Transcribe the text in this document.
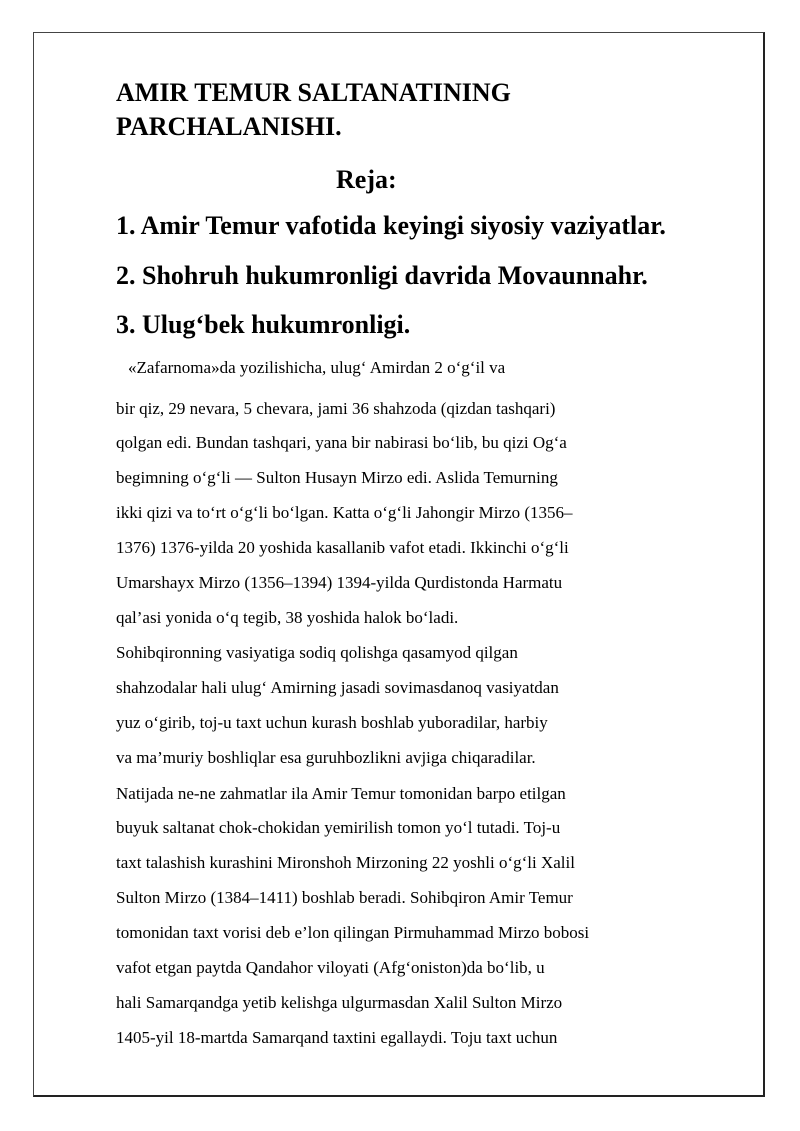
AMIR TEMUR SALTANATINING
PARCHALANISHI.
Reja:
1. Amir Temur vafotida keyingi siyosiy vaziyatlar.
2. Shohruh hukumronligi davrida Movaunnahr.
3. Ulug‘bek hukumronligi.

«Zafarnoma»da yozilishicha, ulug‘ Amirdan 2 o‘g‘il va

bir qiz, 29 nevara, 5 chevara, jami 36 shahzoda (qizdan tashqari)

qolgan edi. Bundan tashqari, yana bir nabirasi bo‘lib, bu qizi Og‘a

begimning o‘g‘li — Sulton Husayn Mirzo edi. Aslida Temurning

ikki qizi va to‘rt o‘g‘li bo‘lgan. Katta o‘g‘li Jahongir Mirzo (1356–

1376) 1376-yilda 20 yoshida kasallanib vafot etadi. Ikkinchi o‘g‘li

Umarshayx Mirzo (1356–1394) 1394-yilda Qurdistonda Harmatu

qal’asi yonida o‘q tegib, 38 yoshida halok bo‘ladi.

Sohibqironning vasiyatiga sodiq qolishga qasamyod qilgan

shahzodalar hali ulug‘ Amirning jasadi sovimasdanoq vasiyatdan

yuz o‘girib, toj-u taxt uchun kurash boshlab yuboradilar, harbiy

va ma’muriy boshliqlar esa guruhbozlikni avjiga chiqaradilar.

Natijada ne-ne zahmatlar ila Amir Temur tomonidan barpo etilgan

buyuk saltanat chok-chokidan yemirilish tomon yo‘l tutadi. Toj-u

taxt talashish kurashini Mironshoh Mirzoning 22 yoshli o‘g‘li Xalil

Sulton Mirzo (1384–1411) boshlab beradi. Sohibqiron Amir Temur

tomonidan taxt vorisi deb e’lon qilingan Pirmuhammad Mirzo bobosi

vafot etgan paytda Qandahor viloyati (Afg‘oniston)da bo‘lib, u

hali Samarqandga yetib kelishga ulgurmasdan Xalil Sulton Mirzo

1405-yil 18-martda Samarqand taxtini egallaydi. Toju taxt uchun
